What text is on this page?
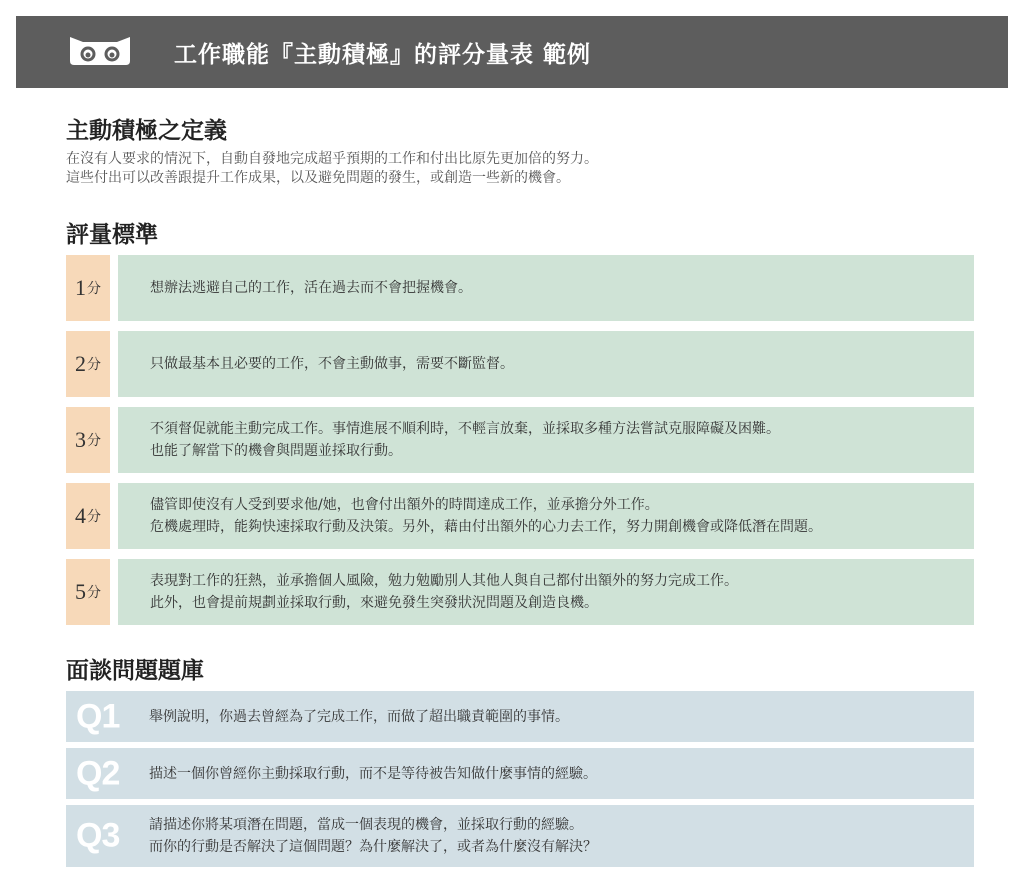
工作職能『主動積極』的評分量表 範例
主動積極之定義
在沒有人要求的情況下，自動自發地完成超乎預期的工作和付出比原先更加倍的努力。
這些付出可以改善跟提升工作成果，以及避免問題的發生，或創造一些新的機會。
評量標準
1 分	想辦法逃避自己的工作，活在過去而不會把握機會。
2 分	只做最基本且必要的工作，不會主動做事，需要不斷監督。
3 分
不須督促就能主動完成工作。事情進展不順利時，不輕言放棄，並採取多種方法嘗試克服障礙及困難。
也能了解當下的機會與問題並採取行動。
4 分
儘管即使沒有人受到要求他/她，也會付出額外的時間達成工作，並承擔分外工作。
危機處理時，能夠快速採取行動及決策。另外，藉由付出額外的心力去工作，努力開創機會或降低潛在問題。
5 分
表現對工作的狂熱，並承擔個人風險，勉力勉勵別人其他人與自己都付出額外的努力完成工作。
此外，也會提前規劃並採取行動，來避免發生突發狀況問題及創造良機。
面談問題題庫
Q1 舉例說明，你過去曾經為了完成工作，而做了超出職責範圍的事情。
Q2 描述一個你曾經你主動採取行動，而不是等待被告知做什麼事情的經驗。
Q3 請描述你將某項潛在問題，當成一個表現的機會，並採取行動的經驗。
而你的行動是否解決了這個問題？為什麼解決了，或者為什麼沒有解決？
